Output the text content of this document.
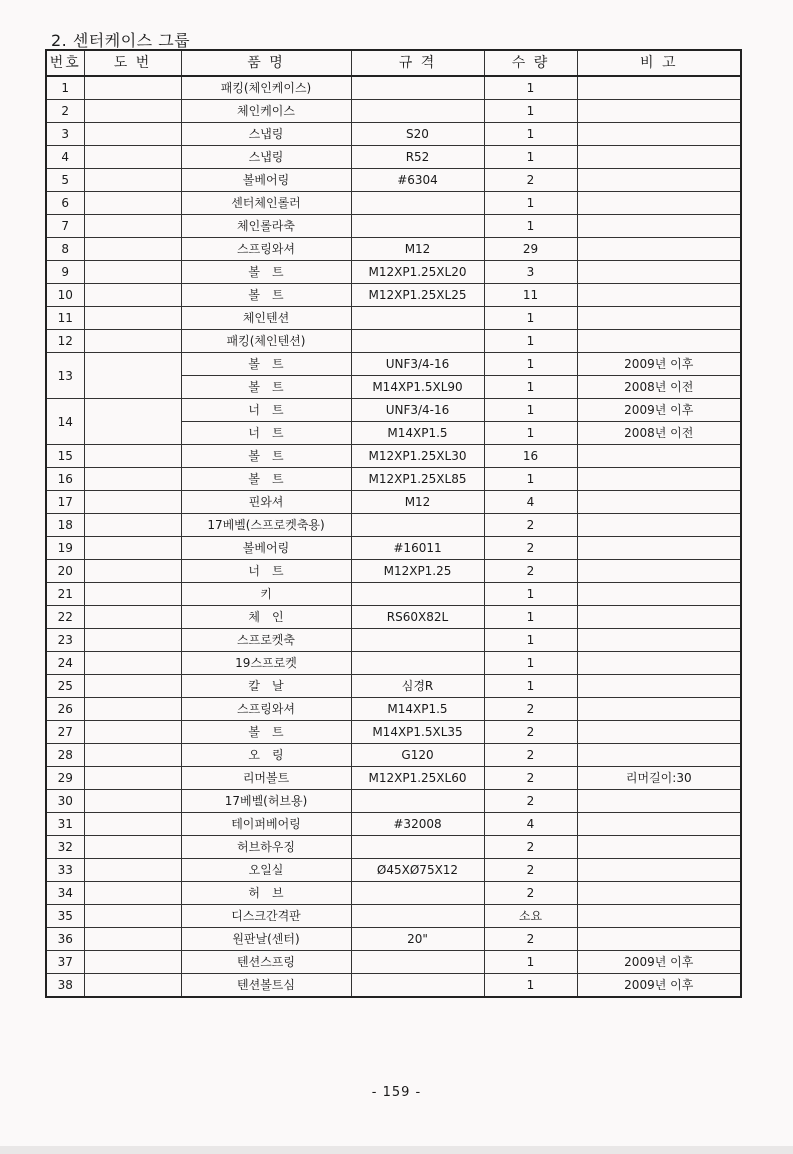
2. 센터케이스 그룹
번호	도 번	품 명	규 격	수 량	비 고
1		패킹(체인케이스)		1	
2		체인케이스		1	
3		스냅링	S20	1	
4		스냅링	R52	1	
5		볼베어링	#6304	2	
6		센터체인롤러		1	
7		체인롤라축		1	
8		스프링와셔	M12	29	
9		볼　트	M12XP1.25XL20	3	
10		볼　트	M12XP1.25XL25	11	
11		체인텐션		1	
12		패킹(체인텐션)		1	
13		볼　트	UNF3/4-16	1	2009년 이후
		볼　트	M14XP1.5XL90	1	2008년 이전
14		너　트	UNF3/4-16	1	2009년 이후
		너　트	M14XP1.5	1	2008년 이전
15		볼　트	M12XP1.25XL30	16	
16		볼　트	M12XP1.25XL85	1	
17		핀와셔	M12	4	
18		17베벨(스프로켓축용)		2	
19		볼베어링	#16011	2	
20		너　트	M12XP1.25	2	
21		키		1	
22		체　인	RS60X82L	1	
23		스프로켓축		1	
24		19스프로켓		1	
25		칼　날	심경R	1	
26		스프링와셔	M14XP1.5	2	
27		볼　트	M14XP1.5XL35	2	
28		오　링	G120	2	
29		리머볼트	M12XP1.25XL60	2	리머길이:30
30		17베벨(허브용)		2	
31		테이퍼베어링	#32008	4	
32		허브하우징		2	
33		오일실	Ø45XØ75X12	2	
34		허　브		2	
35		디스크간격판		소요	
36		원판날(센터)	20"	2	
37		텐션스프링		1	2009년 이후
38		텐션볼트심		1	2009년 이후
- 159 -
